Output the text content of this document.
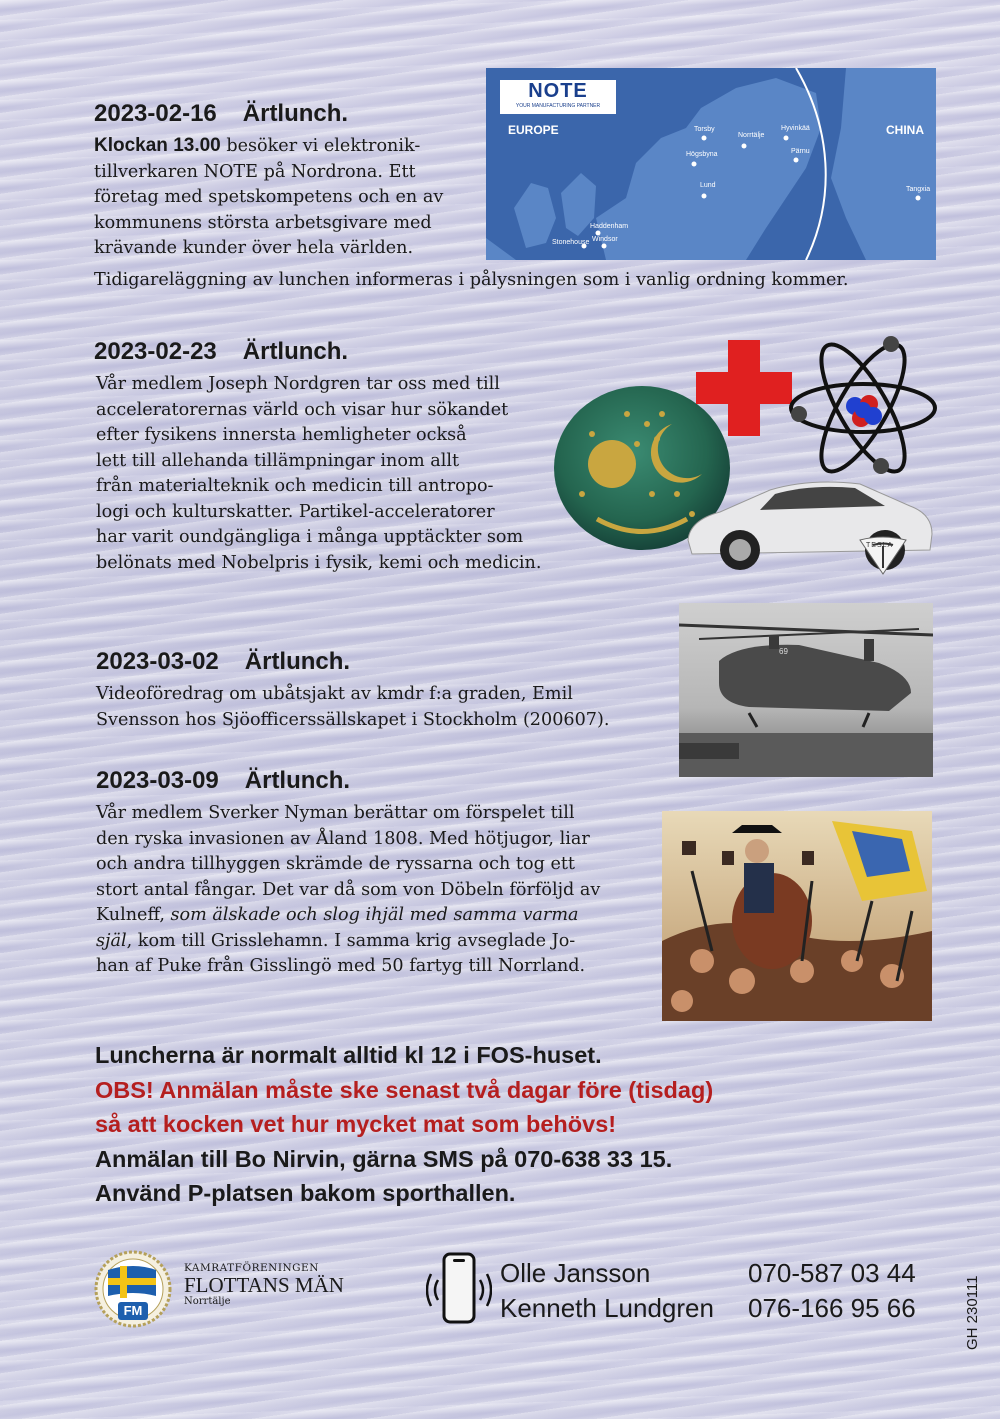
2023-02-16 Ärtlunch.
Klockan 13.00 besöker vi elektronik-
tillverkaren NOTE på Nordrona. Ett
företag med spetskompetens och en av
kommunens största arbetsgivare med
krävande kunder över hela världen.
Tidigareläggning av lunchen informeras i pålysningen som i vanlig ordning kommer.
NOTE
YOUR MANUFACTURING PARTNER
EUROPE	CHINA
Torsby
Norrtälje
Hyvinkää
Pärnu
Högsbyna
Lund
Haddenham
Stonehouse Windsor
Tangxia
2023-02-23 Ärtlunch.
Vår medlem Joseph Nordgren tar oss med till
acceleratorernas värld och visar hur sökandet
efter fysikens innersta hemligheter också
lett till allehanda tillämpningar inom allt
från materialteknik och medicin till antropo-
logi och kulturskatter. Partikel-acceleratorer
har varit oundgängliga i många upptäckter som
belönats med Nobelpris i fysik, kemi och medicin.
TESLA
2023-03-02 Ärtlunch.
Videoföredrag om ubåtsjakt av kmdr f:a graden, Emil
Svensson hos Sjöofficerssällskapet i Stockholm (200607).
69
2023-03-09 Ärtlunch.
Vår medlem Sverker Nyman berättar om förspelet till
den ryska invasionen av Åland 1808. Med hötjugor, liar
och andra tillhyggen skrämde de ryssarna och tog ett
stort antal fångar. Det var då som von Döbeln förföljd av
Kulneff, som älskade och slog ihjäl med samma varma
själ, kom till Grisslehamn. I samma krig avseglade Jo-
han af Puke från Gisslingö med 50 fartyg till Norrland.
Luncherna är normalt alltid kl 12 i FOS-huset.
OBS! Anmälan måste ske senast två dagar före (tisdag)
så att kocken vet hur mycket mat som behövs!
Anmälan till Bo Nirvin, gärna SMS på 070-638 33 15.
Använd P-platsen bakom sporthallen.
FM
KAMRATFÖRENINGEN
FLOTTANS MÄN
Norrtälje
Olle Jansson	070-587 03 44
Kenneth Lundgren 076-166 95 66	GH 230111
